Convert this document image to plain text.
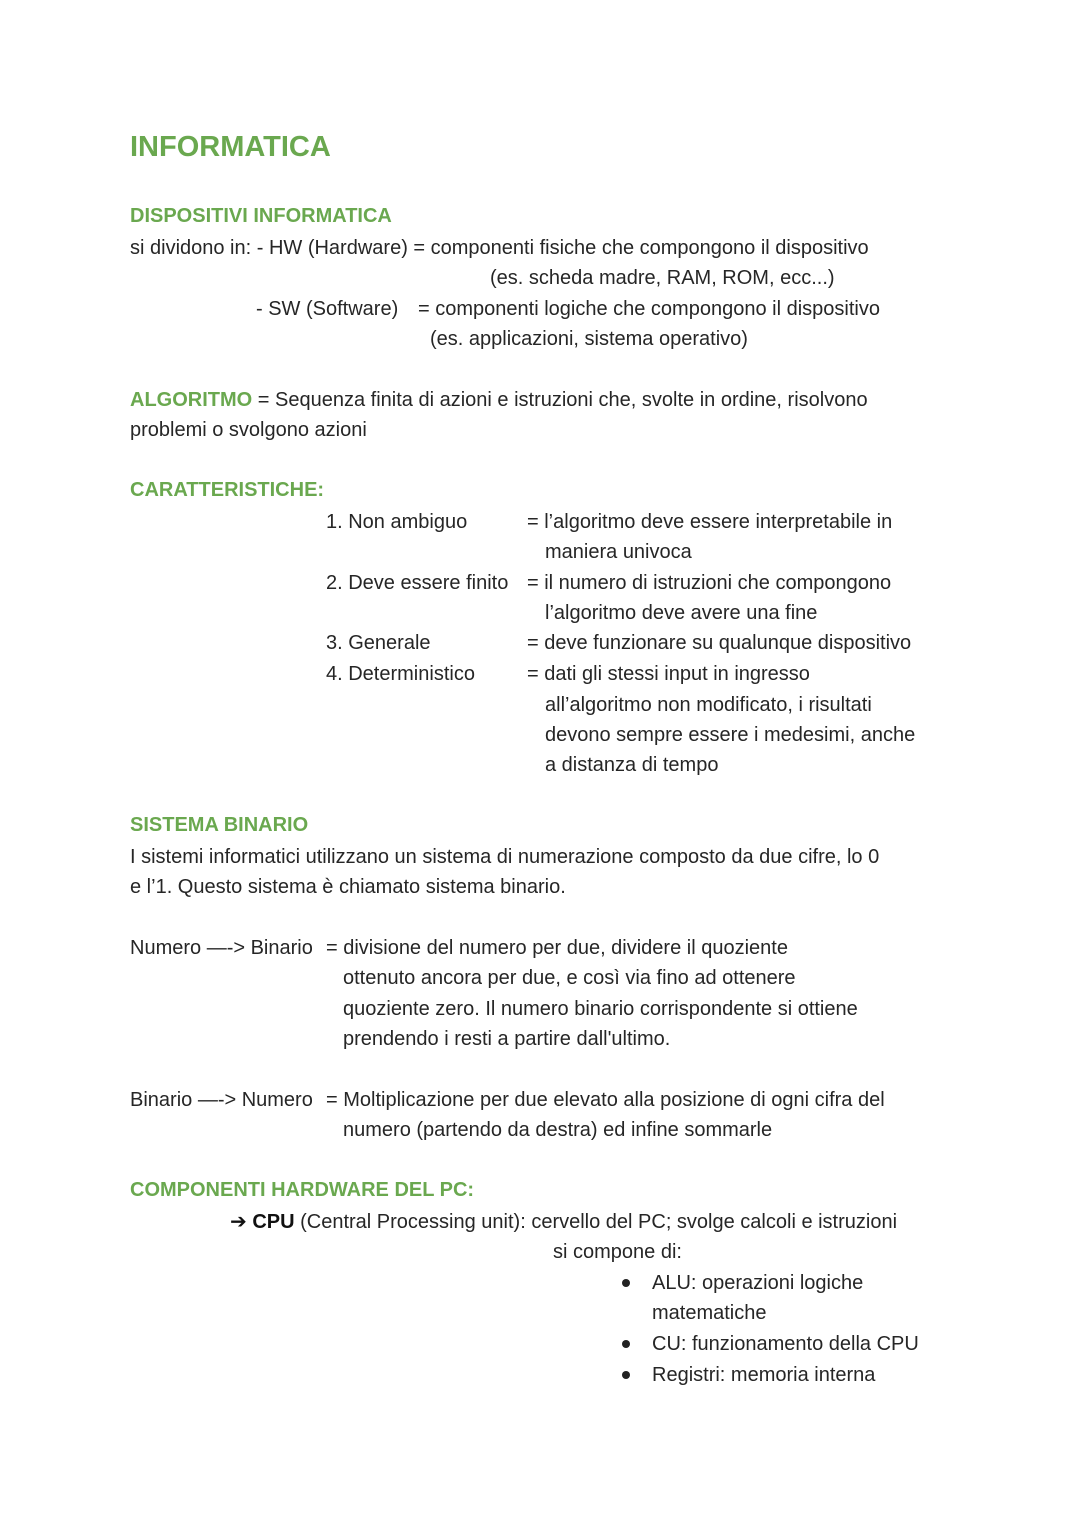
INFORMATICA
DISPOSITIVI INFORMATICA
si dividono in: - HW (Hardware) = componenti fisiche che compongono il dispositivo
(es. scheda madre, RAM, ROM, ecc...)
- SW (Software) = componenti logiche che compongono il dispositivo
(es. applicazioni, sistema operativo)
ALGORITMO = Sequenza finita di azioni e istruzioni che, svolte in ordine, risolvono
problemi o svolgono azioni
CARATTERISTICHE:
1. Non ambiguo	= l’algoritmo deve essere interpretabile in
maniera univoca
2. Deve essere finito = il numero di istruzioni che compongono
l’algoritmo deve avere una fine
3. Generale	= deve funzionare su qualunque dispositivo
4. Deterministico	= dati gli stessi input in ingresso
all’algoritmo non modificato, i risultati
devono sempre essere i medesimi, anche
a distanza di tempo
SISTEMA BINARIO
I sistemi informatici utilizzano un sistema di numerazione composto da due cifre, lo 0
e l’1. Questo sistema è chiamato sistema binario.
Numero —-> Binario = divisione del numero per due, dividere il quoziente
ottenuto ancora per due, e così via fino ad ottenere
quoziente zero. Il numero binario corrispondente si ottiene
prendendo i resti a partire dall'ultimo.
Binario —-> Numero = Moltiplicazione per due elevato alla posizione di ogni cifra del
numero (partendo da destra) ed infine sommarle
COMPONENTI HARDWARE DEL PC:
➔ CPU (Central Processing unit): cervello del PC; svolge calcoli e istruzioni
si compone di:
ALU: operazioni logiche
matematiche
CU: funzionamento della CPU
Registri: memoria interna
